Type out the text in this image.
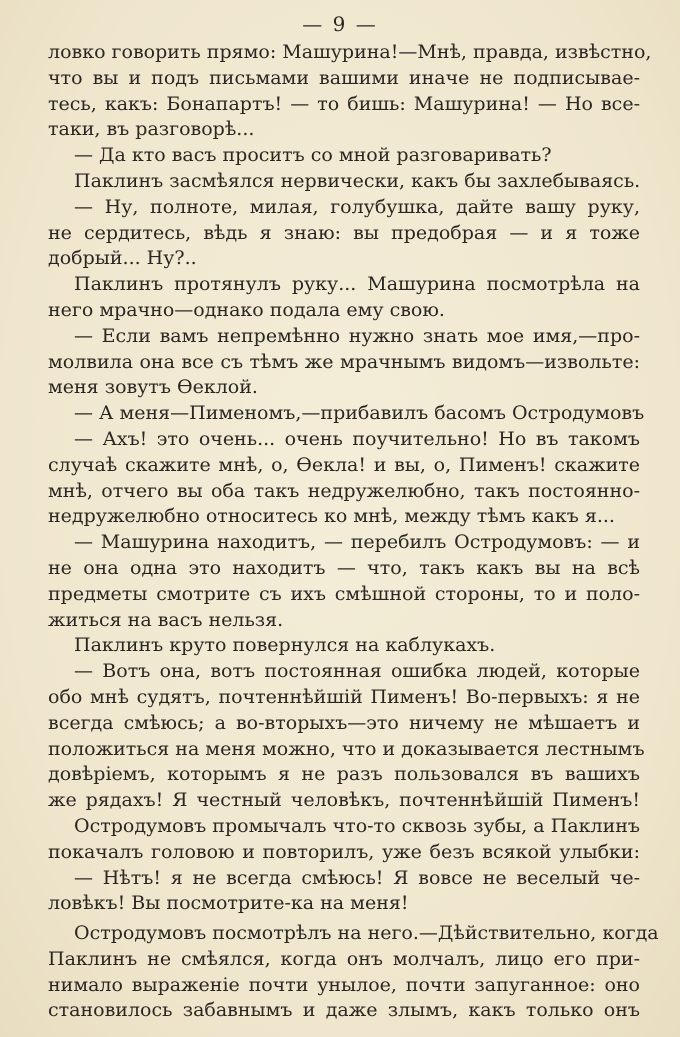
— 9 —
ловко говорить прямо: Машурина!—Мнѣ, правда, извѣстно,
что вы и подъ письмами вашими иначе не подписывае-
тесь, какъ: Бонапартъ! — то бишь: Машурина! — Но все-
таки, въ разговорѣ...
— Да кто васъ проситъ со мной разговаривать?
Паклинъ засмѣялся нервически, какъ бы захлебываясь.
— Ну, полноте, милая, голубушка, дайте вашу руку,
не сердитесь, вѣдь я знаю: вы предобрая — и я тоже
добрый... Ну?..
Паклинъ протянулъ руку... Машурина посмотрѣла на
него мрачно—однако подала ему свою.
— Если вамъ непремѣнно нужно знать мое имя,—про-
молвила она все съ тѣмъ же мрачнымъ видомъ—извольте:
меня зовутъ Ѳеклой.
— А меня—Пименомъ,—прибавилъ басомъ Остродумовъ
— Ахъ! это очень... очень поучительно! Но въ такомъ
случаѣ скажите мнѣ, о, Ѳекла! и вы, о, Пименъ! скажите
мнѣ, отчего вы оба такъ недружелюбно, такъ постоянно-
недружелюбно относитесь ко мнѣ, между тѣмъ какъ я...
— Машурина находитъ, — перебилъ Остродумовъ: — и
не она одна это находитъ — что, такъ какъ вы на всѣ
предметы смотрите съ ихъ смѣшной стороны, то и поло-
житься на васъ нельзя.
Паклинъ круто повернулся на каблукахъ.
— Вотъ она, вотъ постоянная ошибка людей, которые
обо мнѣ судятъ, почтеннѣйшій Пименъ! Во-первыхъ: я не
всегда смѣюсь; а во-вторыхъ—это ничему не мѣшаетъ и
положиться на меня можно, что и доказывается лестнымъ
довѣріемъ, которымъ я не разъ пользовался въ вашихъ
же рядахъ! Я честный человѣкъ, почтеннѣйшій Пименъ!
Остродумовъ промычалъ что-то сквозь зубы, а Паклинъ
покачалъ головою и повторилъ, уже безъ всякой улыбки:
— Нѣтъ! я не всегда смѣюсь! Я вовсе не веселый че-
ловѣкъ! Вы посмотрите-ка на меня!
Остродумовъ посмотрѣлъ на него.—Дѣйствительно, когда
Паклинъ не смѣялся, когда онъ молчалъ, лицо его при-
нимало выраженіе почти унылое, почти запуганное: оно
становилось забавнымъ и даже злымъ, какъ только онъ
